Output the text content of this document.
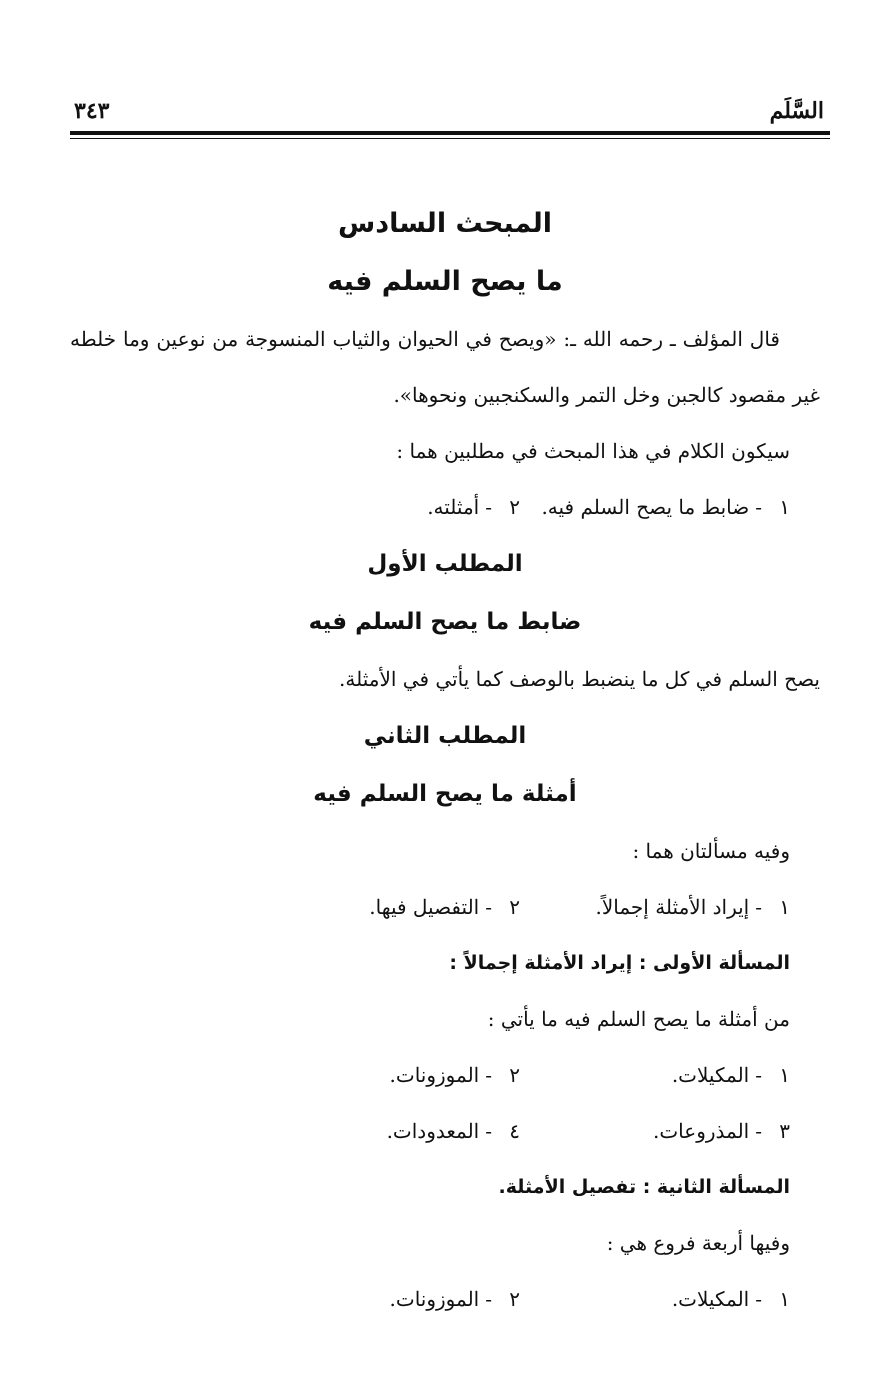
السَّلَم
٣٤٣
المبحث السادس
ما يصح السلم فيه
قال المؤلف ـ رحمه الله ـ: «ويصح في الحيوان والثياب المنسوجة من نوعين وما خلطه غير مقصود كالجبن وخل التمر والسكنجبين ونحوها».
سيكون الكلام في هذا المبحث في مطلبين هما :
١-ضابط ما يصح السلم فيه.
٢-أمثلته.
المطلب الأول
ضابط ما يصح السلم فيه
يصح السلم في كل ما ينضبط بالوصف كما يأتي في الأمثلة.
المطلب الثاني
أمثلة ما يصح السلم فيه
وفيه مسألتان هما :
١-إيراد الأمثلة إجمالاً.
٢-التفصيل فيها.
المسألة الأولى : إيراد الأمثلة إجمالاً :
من أمثلة ما يصح السلم فيه ما يأتي :
١-المكيلات.
٢-الموزونات.
٣-المذروعات.
٤-المعدودات.
المسألة الثانية : تفصيل الأمثلة.
وفيها أربعة فروع هي :
١-المكيلات.
٢-الموزونات.
